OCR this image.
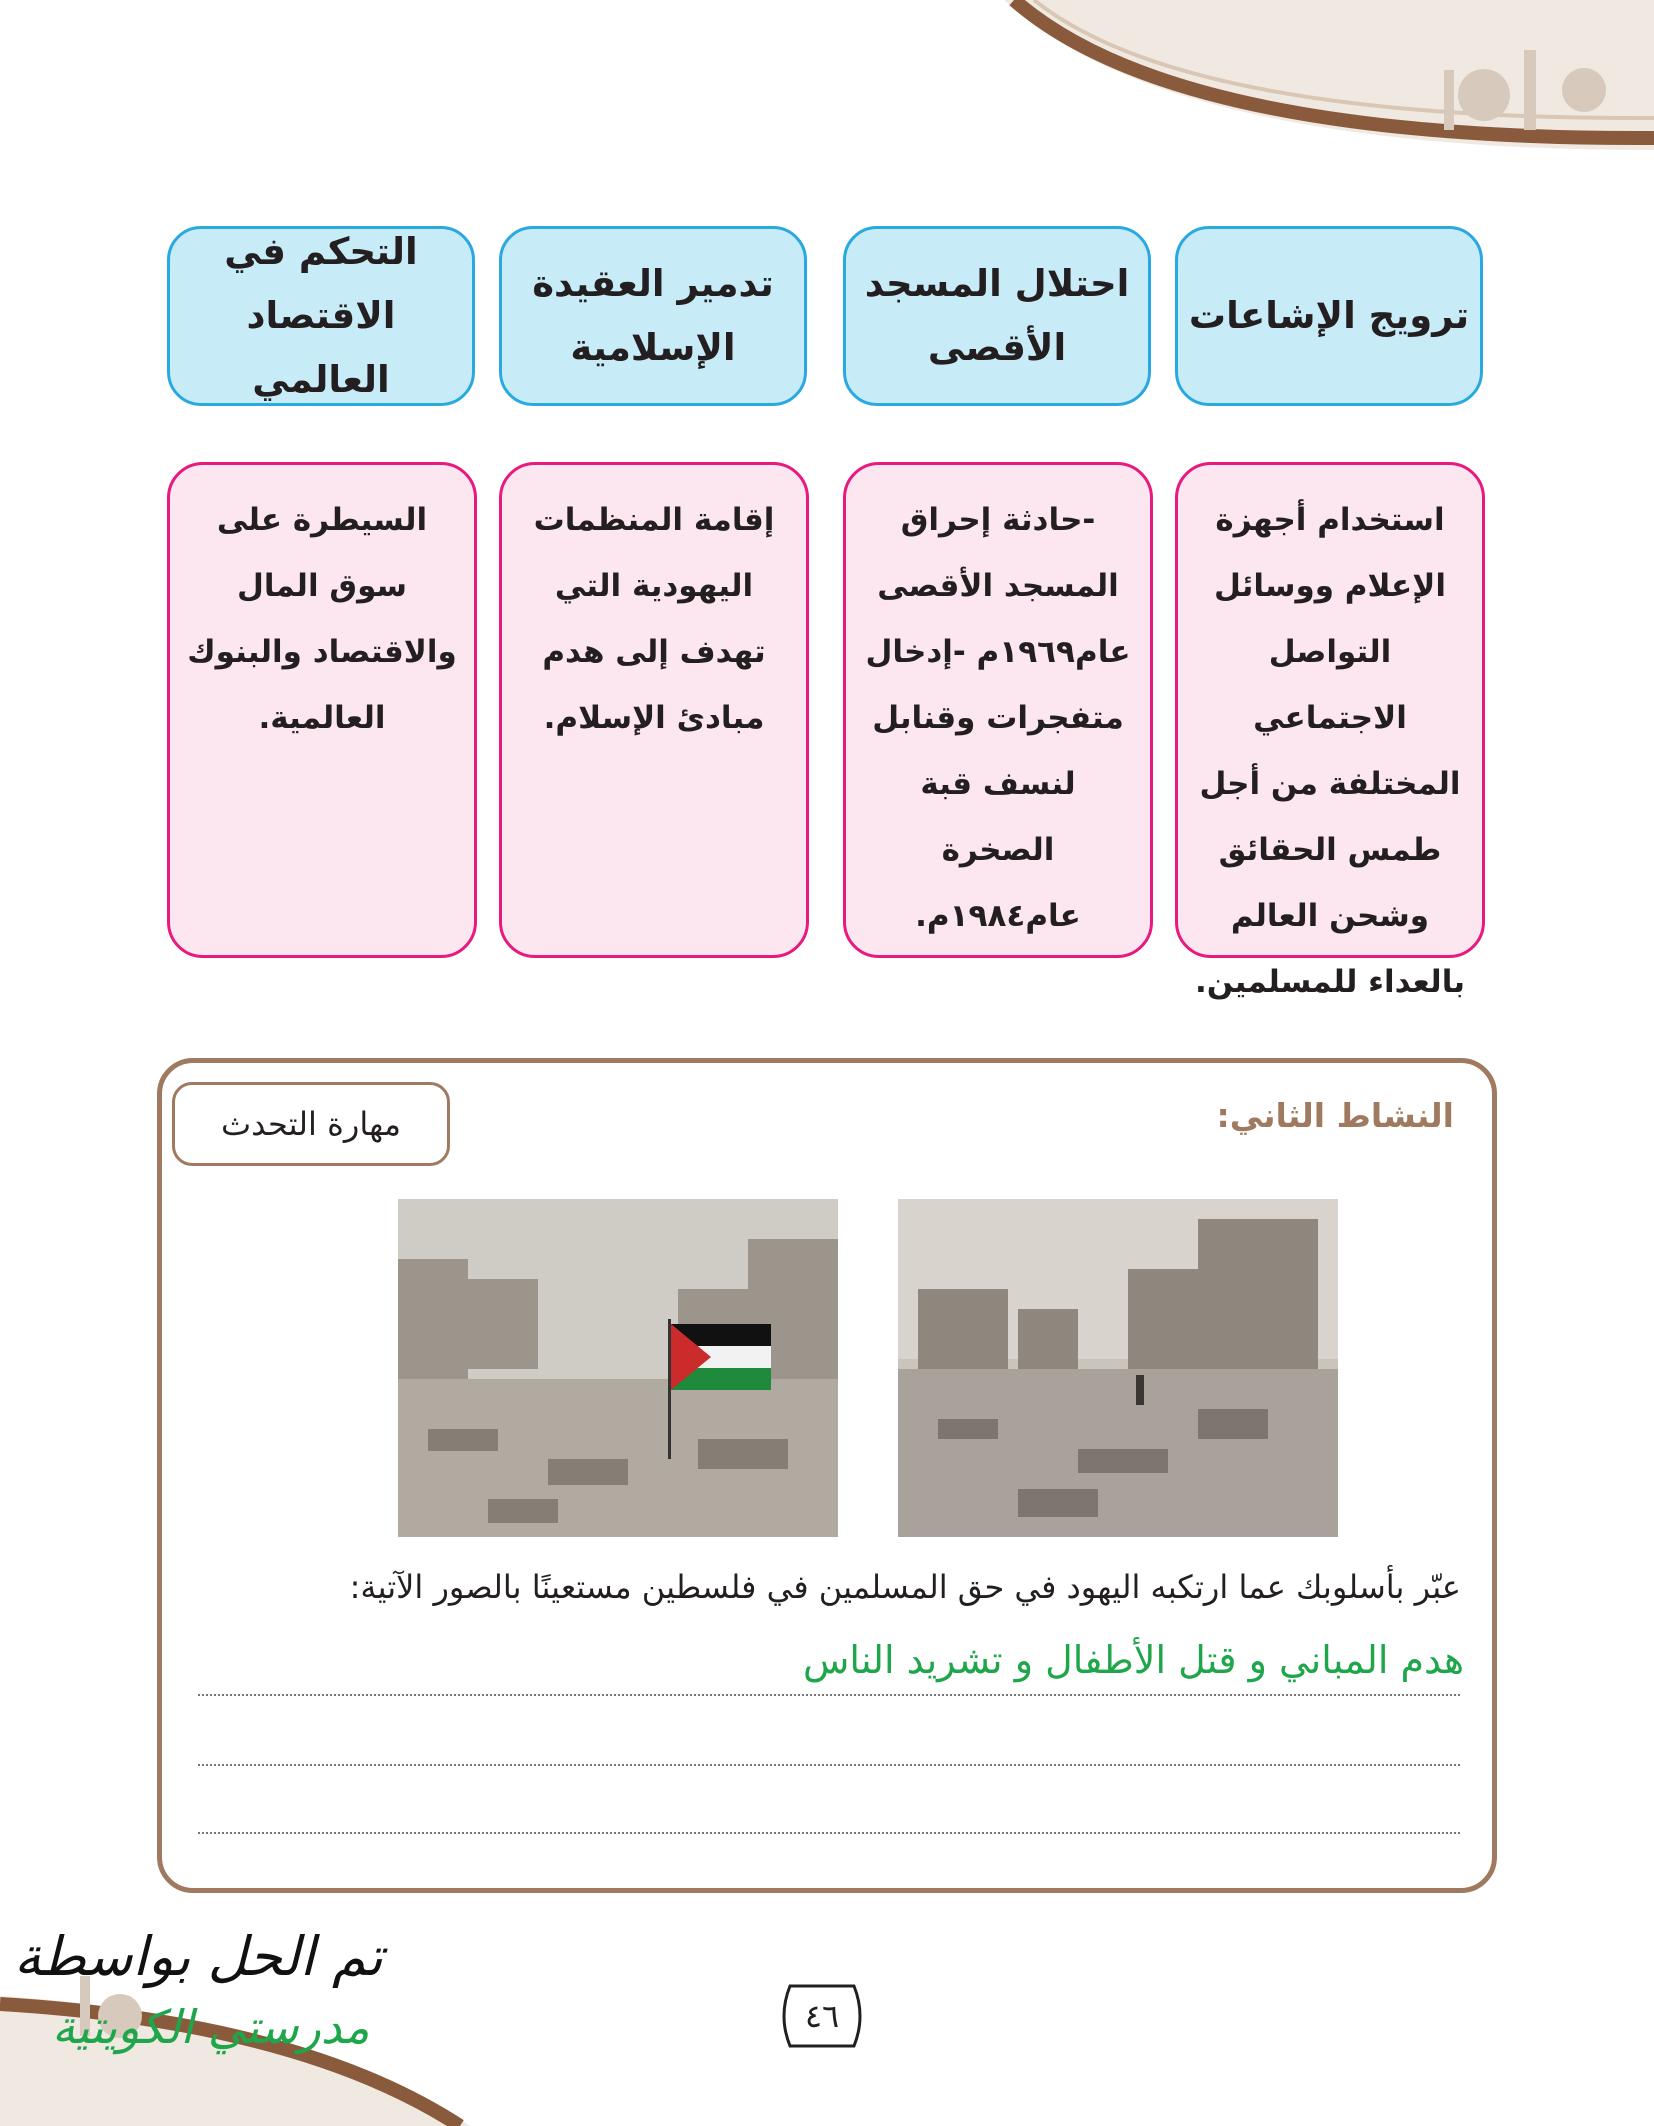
ترويج الإشاعات
احتلال المسجد الأقصى
تدمير العقيدة الإسلامية
التحكم في الاقتصاد العالمي
استخدام أجهزة الإعلام ووسائل التواصل الاجتماعي المختلفة من أجل طمس الحقائق وشحن العالم بالعداء للمسلمين.
-حادثة إحراق المسجد الأقصى عام١٩٦٩م -إدخال متفجرات وقنابل لنسف قبة الصخرة عام١٩٨٤م.
إقامة المنظمات اليهودية التي تهدف إلى هدم مبادئ الإسلام.
السيطرة على سوق المال والاقتصاد والبنوك العالمية.
مهارة التحدث	النشاط الثاني:
عبّر بأسلوبك عما ارتكبه اليهود في حق المسلمين في فلسطين مستعينًا بالصور الآتية:
هدم المباني و قتل الأطفال و تشريد الناس
٤٦
تم الحل بواسطة
مدرستي الكويتية
